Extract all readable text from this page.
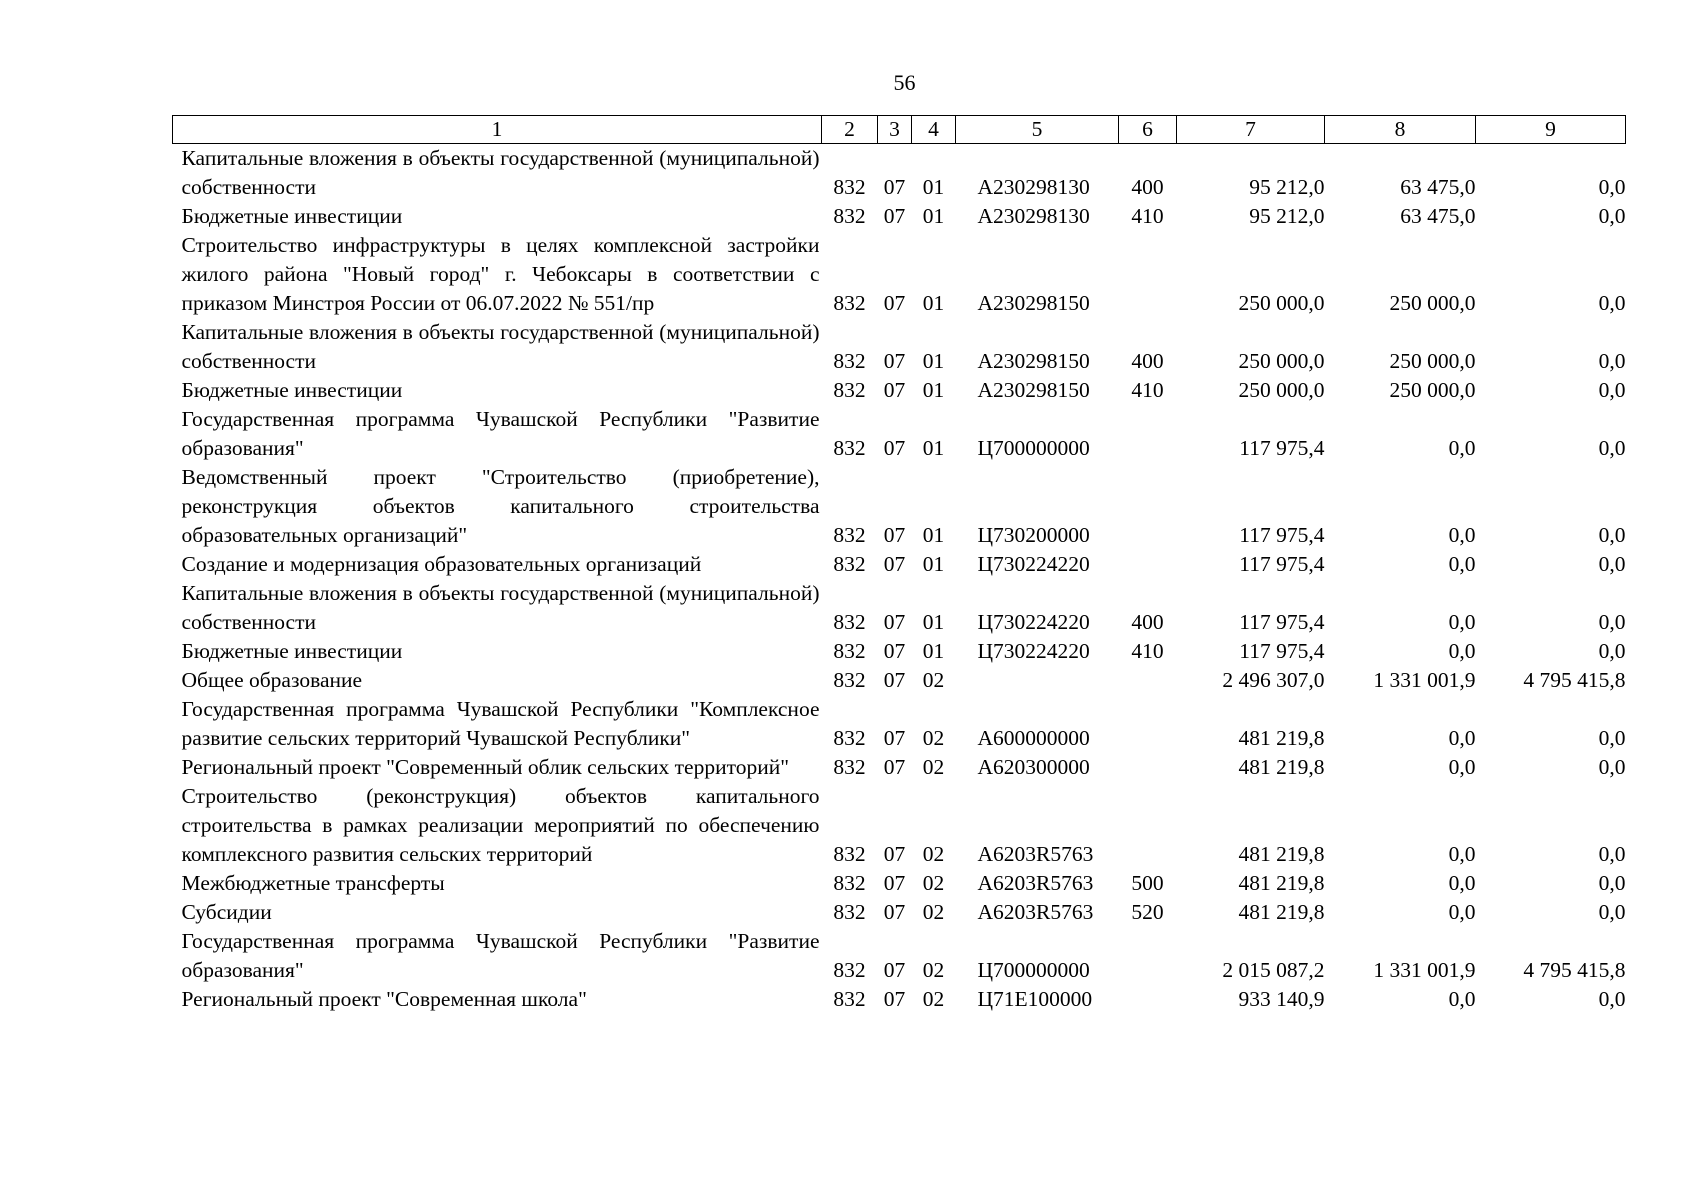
56
1	2	3	4	5	6	7	8	9
Капитальные вложения в объекты государственной (муниципальной) собственности	832	07	01	А230298130	400	95 212,0	63 475,0	0,0
Бюджетные инвестиции	832	07	01	А230298130	410	95 212,0	63 475,0	0,0
Строительство инфраструктуры в целях комплексной застройки жилого района "Новый город" г. Чебоксары в соответствии с приказом Минстроя России от 06.07.2022 № 551/пр	832	07	01	А230298150		250 000,0	250 000,0	0,0
Капитальные вложения в объекты государственной (муниципальной) собственности	832	07	01	А230298150	400	250 000,0	250 000,0	0,0
Бюджетные инвестиции	832	07	01	А230298150	410	250 000,0	250 000,0	0,0
Государственная программа Чувашской Республики "Развитие образования"	832	07	01	Ц700000000		117 975,4	0,0	0,0
Ведомственный проект "Строительство (приобретение), реконструкция объектов капитального строительства образовательных организаций"	832	07	01	Ц730200000		117 975,4	0,0	0,0
Создание и модернизация образовательных организаций	832	07	01	Ц730224220		117 975,4	0,0	0,0
Капитальные вложения в объекты государственной (муниципальной) собственности	832	07	01	Ц730224220	400	117 975,4	0,0	0,0
Бюджетные инвестиции	832	07	01	Ц730224220	410	117 975,4	0,0	0,0
Общее образование	832	07	02			2 496 307,0	1 331 001,9	4 795 415,8
Государственная программа Чувашской Республики "Комплексное развитие сельских территорий Чувашской Республики"	832	07	02	А600000000		481 219,8	0,0	0,0
Региональный проект "Современный облик сельских территорий"	832	07	02	А620300000		481 219,8	0,0	0,0
Строительство (реконструкция) объектов капитального строительства в рамках реализации мероприятий по обеспечению комплексного развития сельских территорий	832	07	02	А6203R5763		481 219,8	0,0	0,0
Межбюджетные трансферты	832	07	02	А6203R5763	500	481 219,8	0,0	0,0
Субсидии	832	07	02	А6203R5763	520	481 219,8	0,0	0,0
Государственная программа Чувашской Республики "Развитие образования"	832	07	02	Ц700000000		2 015 087,2	1 331 001,9	4 795 415,8
Региональный проект "Современная школа"	832	07	02	Ц71Е100000		933 140,9	0,0	0,0
